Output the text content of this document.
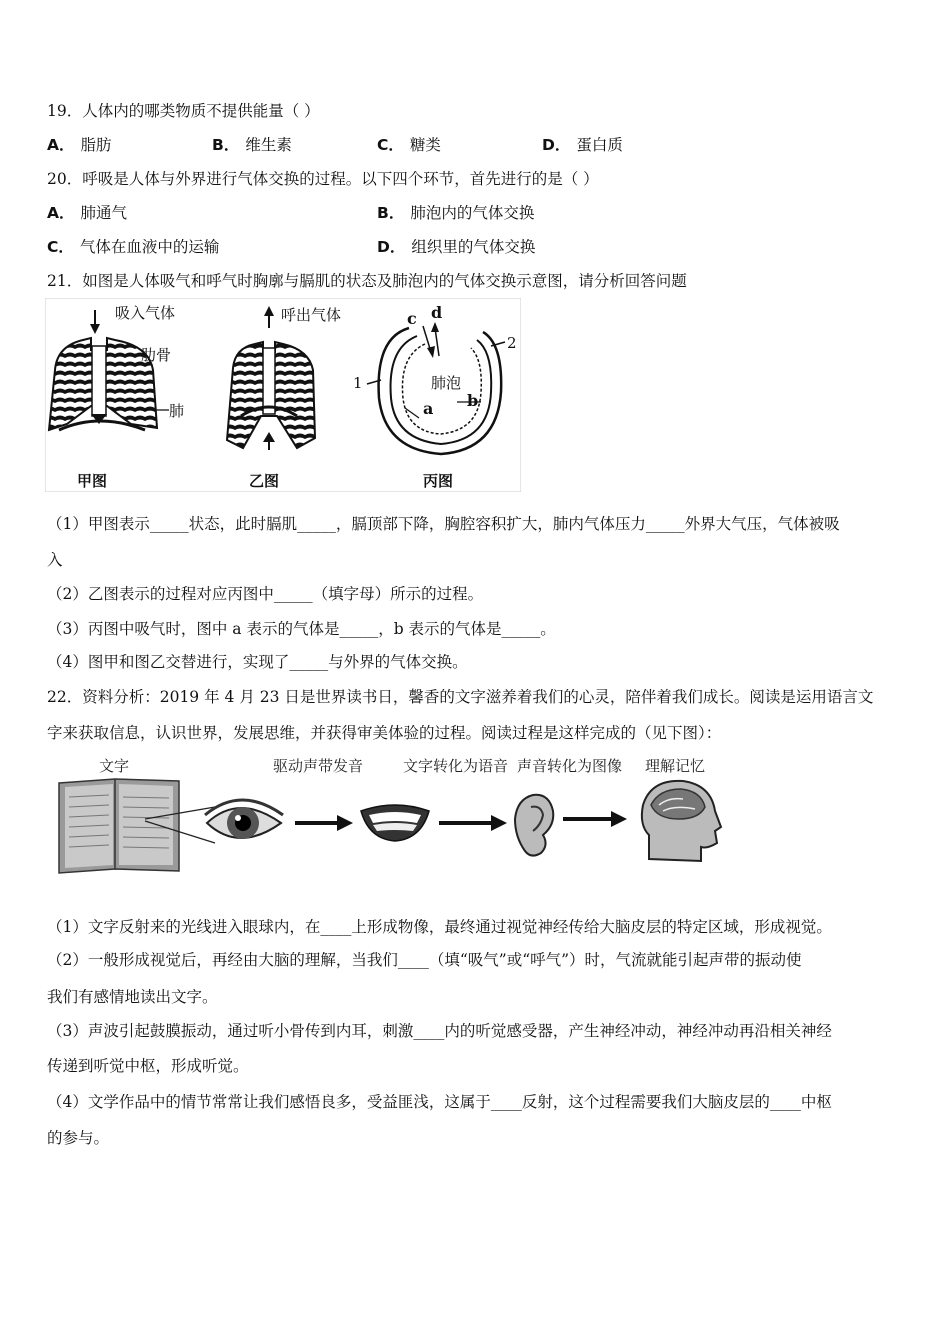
19．人体内的哪类物质不提供能量（ ）
A． 脂肪	B． 维生素	C． 糖类	D． 蛋白质
20．呼吸是人体与外界进行气体交换的过程。以下四个环节，首先进行的是（ ）
A． 肺通气	B． 肺泡内的气体交换
C． 气体在血液中的运输	D． 组织里的气体交换
21．如图是人体吸气和呼气时胸廓与膈肌的状态及肺泡内的气体交换示意图，请分析回答问题
吸入气体
肋骨
肺
甲图
呼出气体
乙图
c d
2
1	肺泡
a b
丙图
（1）甲图表示_____状态，此时膈肌_____，膈顶部下降，胸腔容积扩大，肺内气体压力_____外界大气压，气体被吸
入
（2）乙图表示的过程对应丙图中_____（填字母）所示的过程。
（3）丙图中吸气时，图中 a 表示的气体是_____，b 表示的气体是_____。
（4）图甲和图乙交替进行，实现了_____与外界的气体交换。
22．资料分析：2019 年 4 月 23 日是世界读书日，馨香的文字滋养着我们的心灵，陪伴着我们成长。阅读是运用语言文
字来获取信息，认识世界，发展思维，并获得审美体验的过程。阅读过程是这样完成的（见下图）：
文字	驱动声带发音	文字转化为语音 声音转化为图像 理解记忆
（1）文字反射来的光线进入眼球内，在____上形成物像，最终通过视觉神经传给大脑皮层的特定区域，形成视觉。
（2）一般形成视觉后，再经由大脑的理解，当我们____（填“吸气”或“呼气”）时，气流就能引起声带的振动使
我们有感情地读出文字。
（3）声波引起鼓膜振动，通过听小骨传到内耳，刺激____内的听觉感受器，产生神经冲动，神经冲动再沿相关神经
传递到听觉中枢，形成听觉。
（4）文学作品中的情节常常让我们感悟良多，受益匪浅，这属于____反射，这个过程需要我们大脑皮层的____中枢
的参与。
